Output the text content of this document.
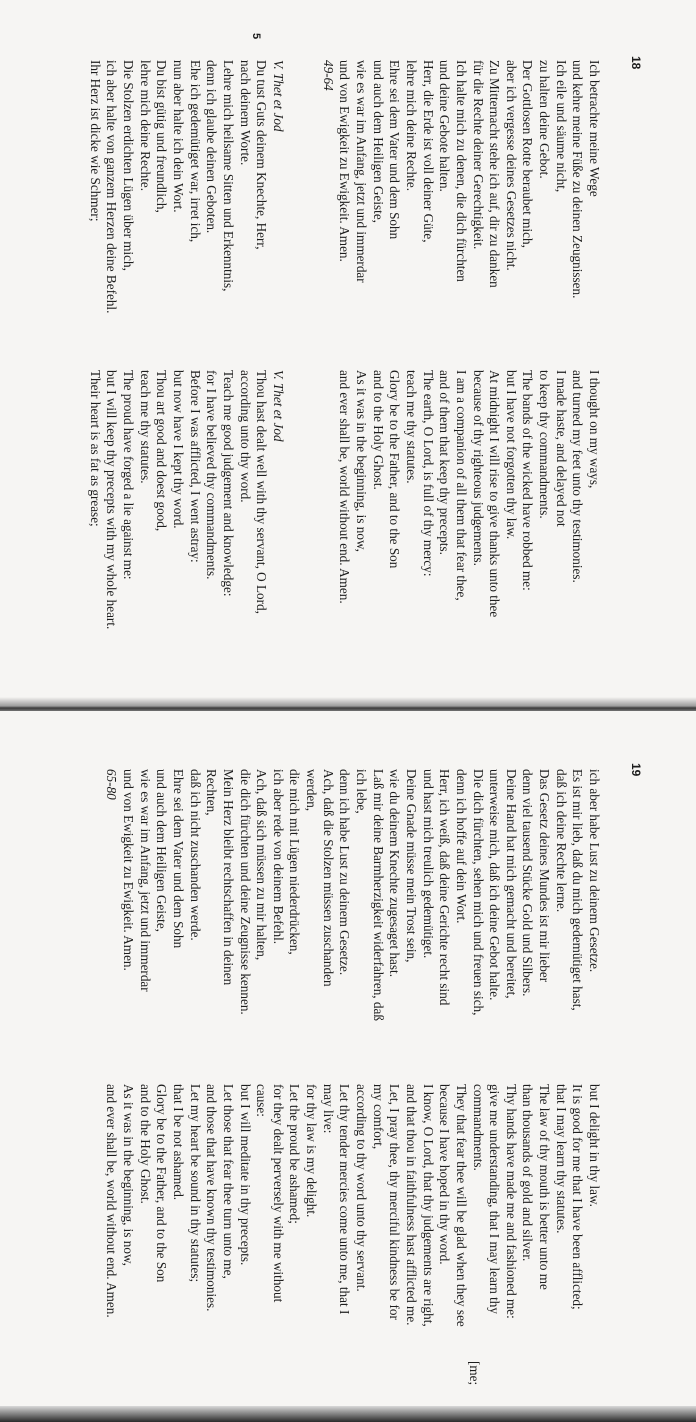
18
5
Ich betrachte meine Wege
und kehre meine Füße zu deinen Zeugnissen.
Ich eile und säume nicht,
zu halten deine Gebot.
Der Gottlosen Rotte beraubet mich,
aber ich vergesse deines Gesetzes nicht.
Zu Mitternacht stehe ich auf, dir zu danken
für die Rechte deiner Gerechtigkeit.
Ich halte mich zu denen, die dich fürchten
und deine Gebote halten.
Herr, die Erde ist voll deiner Güte,
lehre mich deine Rechte.
Ehre sei dem Vater und dem Sohn
und auch dem Heiligen Geiste,
wie es war im Anfang, jetzt und immerdar
und von Ewigkeit zu Ewigkeit. Amen.
49-64
V. Thet et Jod
Du tust Guts deinem Knechte, Herr,
nach deinem Worte.
Lehre mich heilsame Sitten und Erkenntnis,
denn ich glaube deinen Geboten.
Ehe ich gedemütiget war, irret ich,
nun aber halte ich dein Wort.
Du bist gütig und freundlich,
lehre mich deine Rechte.
Die Stolzen erdichten Lügen über mich,
ich aber halte von ganzem Herzen deine Befehl.
Ihr Herz ist dicke wie Schmer;
I thought on my ways,
and turned my feet unto thy testimonies.
I made haste, and delayed not
to keep thy commandments.
The bands of the wicked have robbed me:
but I have not forgotten thy law.
At midnight I will rise to give thanks unto thee
because of thy righteous judgements.
I am a companion of all them that fear thee,
and of them that keep thy precepts.
The earth, O Lord, is full of thy mercy:
teach me thy statutes.
Glory be to the Father, and to the Son
and to the Holy Ghost.
As it was in the beginning, is now,
and ever shall be, world without end. Amen.
V. Thet et Jod
Thou hast dealt well with thy servant, O Lord,
according unto thy word.
Teach me good judgement and knowledge:
for I have believed thy commandments.
Before I was afflicted, I went astray:
but now have I kept thy word.
Thou art good and doest good,
teach me thy statutes.
The proud have forged a lie against me:
but I will keep thy precepts with my whole heart.
Their heart is as fat as grease;
19
ich aber habe Lust zu deinem Gesetze.
Es ist mir lieb, daß du mich gedemütiget hast,
daß ich deine Rechte lerne.
Das Gesetz deines Mundes ist mir lieber
denn viel tausend Stücke Gold und Silbers.
Deine Hand hat mich gemacht und bereitet,
unterweise mich, daß ich deine Gebot halte.
Die dich fürchten, sehen mich und freuen sich,
denn ich hoffe auf dein Wort.
Herr, ich weiß, daß deine Gerichte recht sind
und hast mich treulich gedemütiget.
Deine Gnade müsse mein Trost sein,
wie du deinem Knechte zugesaget hast.
Laß mir deine Barmherzigkeit widerfahren, daß
ich lebe,
denn ich habe Lust zu deinem Gesetze.
Ach, daß die Stolzen müssen zuschanden
werden,
die mich mit Lügen niederdrücken,
ich aber rede von deinem Befehl.
Ach, daß sich müssen zu mir halten,
die dich fürchten und deine Zeugnisse kennen.
Mein Herz bleibt rechtschaffen in deinen
Rechten,
daß ich nicht zuschanden werde.
Ehre sei dem Vater und dem Sohn
und auch dem Heiligen Geiste,
wie es war im Anfang, jetzt und immerdar
und von Ewigkeit zu Ewigkeit. Amen.
65-80
but I delight in thy law.
It is good for me that I have been afflicted;
that I may learn thy statutes.
The law of thy mouth is better unto me
than thousands of gold and silver.
Thy hands have made me and fashioned me:
give me understanding, that I may learn thy
commandments.
They that fear thee will be glad when they see
because I have hoped in thy word.
I know, O Lord, that thy judgements are right,
and that thou in faithfulness hast afflicted me.
Let, I pray thee, thy merciful kindness be for
my comfort,
according to thy word unto thy servant.
Let thy tender mercies come unto me, that I
may live:
for thy law is my delight.
Let the proud be ashamed;
for they dealt perversely with me without
cause:
but I will meditate in thy precepts.
Let those that fear thee turn unto me,
and those that have known thy testimonies.
Let my heart be sound in thy statutes;
that I be not ashamed.
Glory be to the Father, and to the Son
and to the Holy Ghost.
As it was in the beginning, is now,
and ever shall be, world without end. Amen.
[me;
